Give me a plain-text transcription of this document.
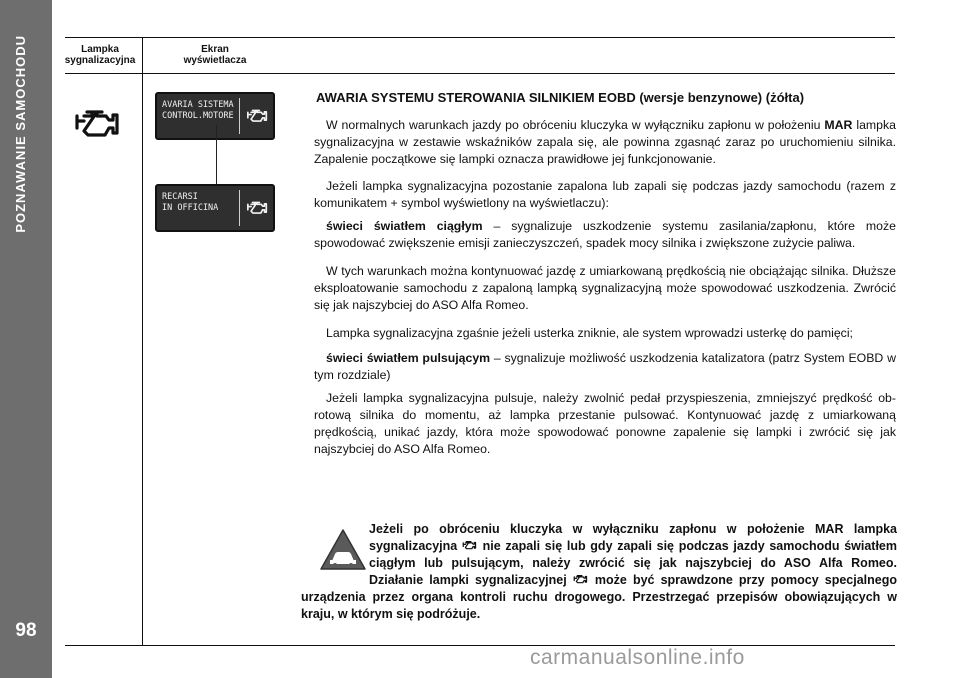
POZNAWANIE SAMOCHODU
98
Lampka
sygnalizacyjna
Ekran
wyświetlacza
AVARIA SISTEMA
CONTROL.MOTORE
RECARSI
IN OFFICINA
AWARIA SYSTEMU STEROWANIA SILNIKIEM EOBD (wersje benzynowe) (żółta)

W normalnych warunkach jazdy po obróceniu kluczyka w wyłączniku zapłonu w położeniu MAR lampka sygnalizacyjna w zestawie wskaźników zapala się, ale powinna zgasnąć zaraz po uruchomieniu silnika. Zapalenie początkowe się lampki oznacza prawidłowe jej funkcjonowanie.

Jeżeli lampka sygnalizacyjna pozostanie zapalona lub zapali się podczas jazdy samochodu (razem z komunikatem + symbol wyświetlony na wyświetlaczu):

świeci światłem ciągłym – sygnalizuje uszkodzenie systemu zasilania/zapłonu, które może spowodować zwiększenie emisji zanieczyszczeń, spadek mocy silnika i zwiększone zużycie paliwa.

W tych warunkach można kontynuować jazdę z umiarkowaną prędkością nie obciążając silnika. Dłuższe eksploatowanie samochodu z zapaloną lampką sygnalizacyjną może spowodować uszkodzenia. Zwrócić się jak najszybciej do ASO Alfa Romeo.

Lampka sygnalizacyjna zgaśnie jeżeli usterka zniknie, ale system wprowadzi usterkę do pamięci;

świeci światłem pulsującym – sygnalizuje możliwość uszkodzenia katalizatora (patrz System EOBD w tym rozdziale)

Jeżeli lampka sygnalizacyjna pulsuje, należy zwolnić pedał przyspieszenia, zmniejszyć prędkość obrotową silnika do momentu, aż lampka przestanie pulsować. Kontynuować jazdę z umiarkowaną prędkością, unikać jazdy, która może spowodować ponowne zapalenie się lampki i zwrócić się jak najszybciej do ASO Alfa Romeo.

Jeżeli po obróceniu kluczyka w wyłączniku zapłonu w położenie MAR lampka sygnalizacyjna  nie zapali się lub gdy zapali się podczas jazdy samochodu światłem ciągłym lub pulsującym, należy zwrócić się jak najszybciej do ASO Alfa Romeo. Działanie lampki sygnalizacyjnej  może być sprawdzone przy pomocy specjalnego urządzenia przez organa kontroli ruchu drogowego. Przestrzegać przepisów obowiązujących w kraju, w którym się podróżuje.
carmanualsonline.info
